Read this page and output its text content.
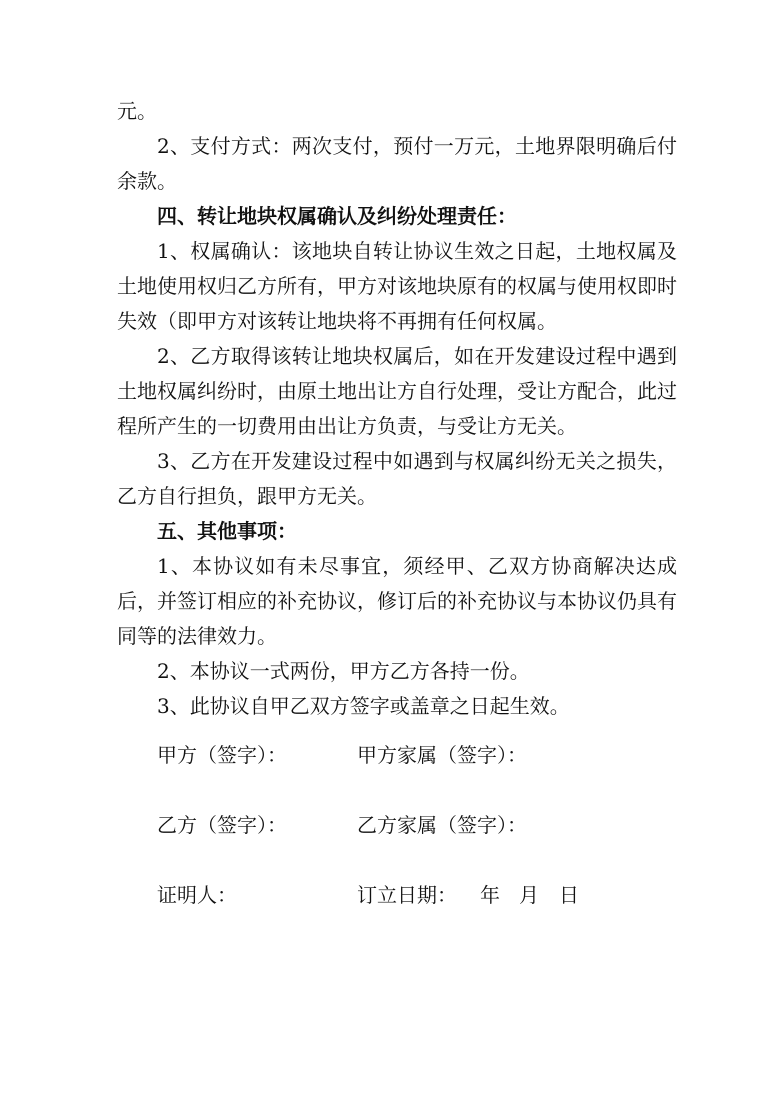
元。

2、支付方式：两次支付，预付一万元，土地界限明确后付余款。

四、转让地块权属确认及纠纷处理责任：

1、权属确认：该地块自转让协议生效之日起，土地权属及土地使用权归乙方所有，甲方对该地块原有的权属与使用权即时失效（即甲方对该转让地块将不再拥有任何权属。

2、乙方取得该转让地块权属后，如在开发建设过程中遇到土地权属纠纷时，由原土地出让方自行处理，受让方配合，此过程所产生的一切费用由出让方负责，与受让方无关。

3、乙方在开发建设过程中如遇到与权属纠纷无关之损失，乙方自行担负，跟甲方无关。

五、其他事项：

1、本协议如有未尽事宜，须经甲、乙双方协商解决达成后，并签订相应的补充协议，修订后的补充协议与本协议仍具有同等的法律效力。

2、本协议一式两份，甲方乙方各持一份。

3、此协议自甲乙双方签字或盖章之日起生效。

甲方（签字）：	甲方家属（签字）：
乙方（签字）：	乙方家属（签字）：
证明人：	订立日期： 年 月 日
